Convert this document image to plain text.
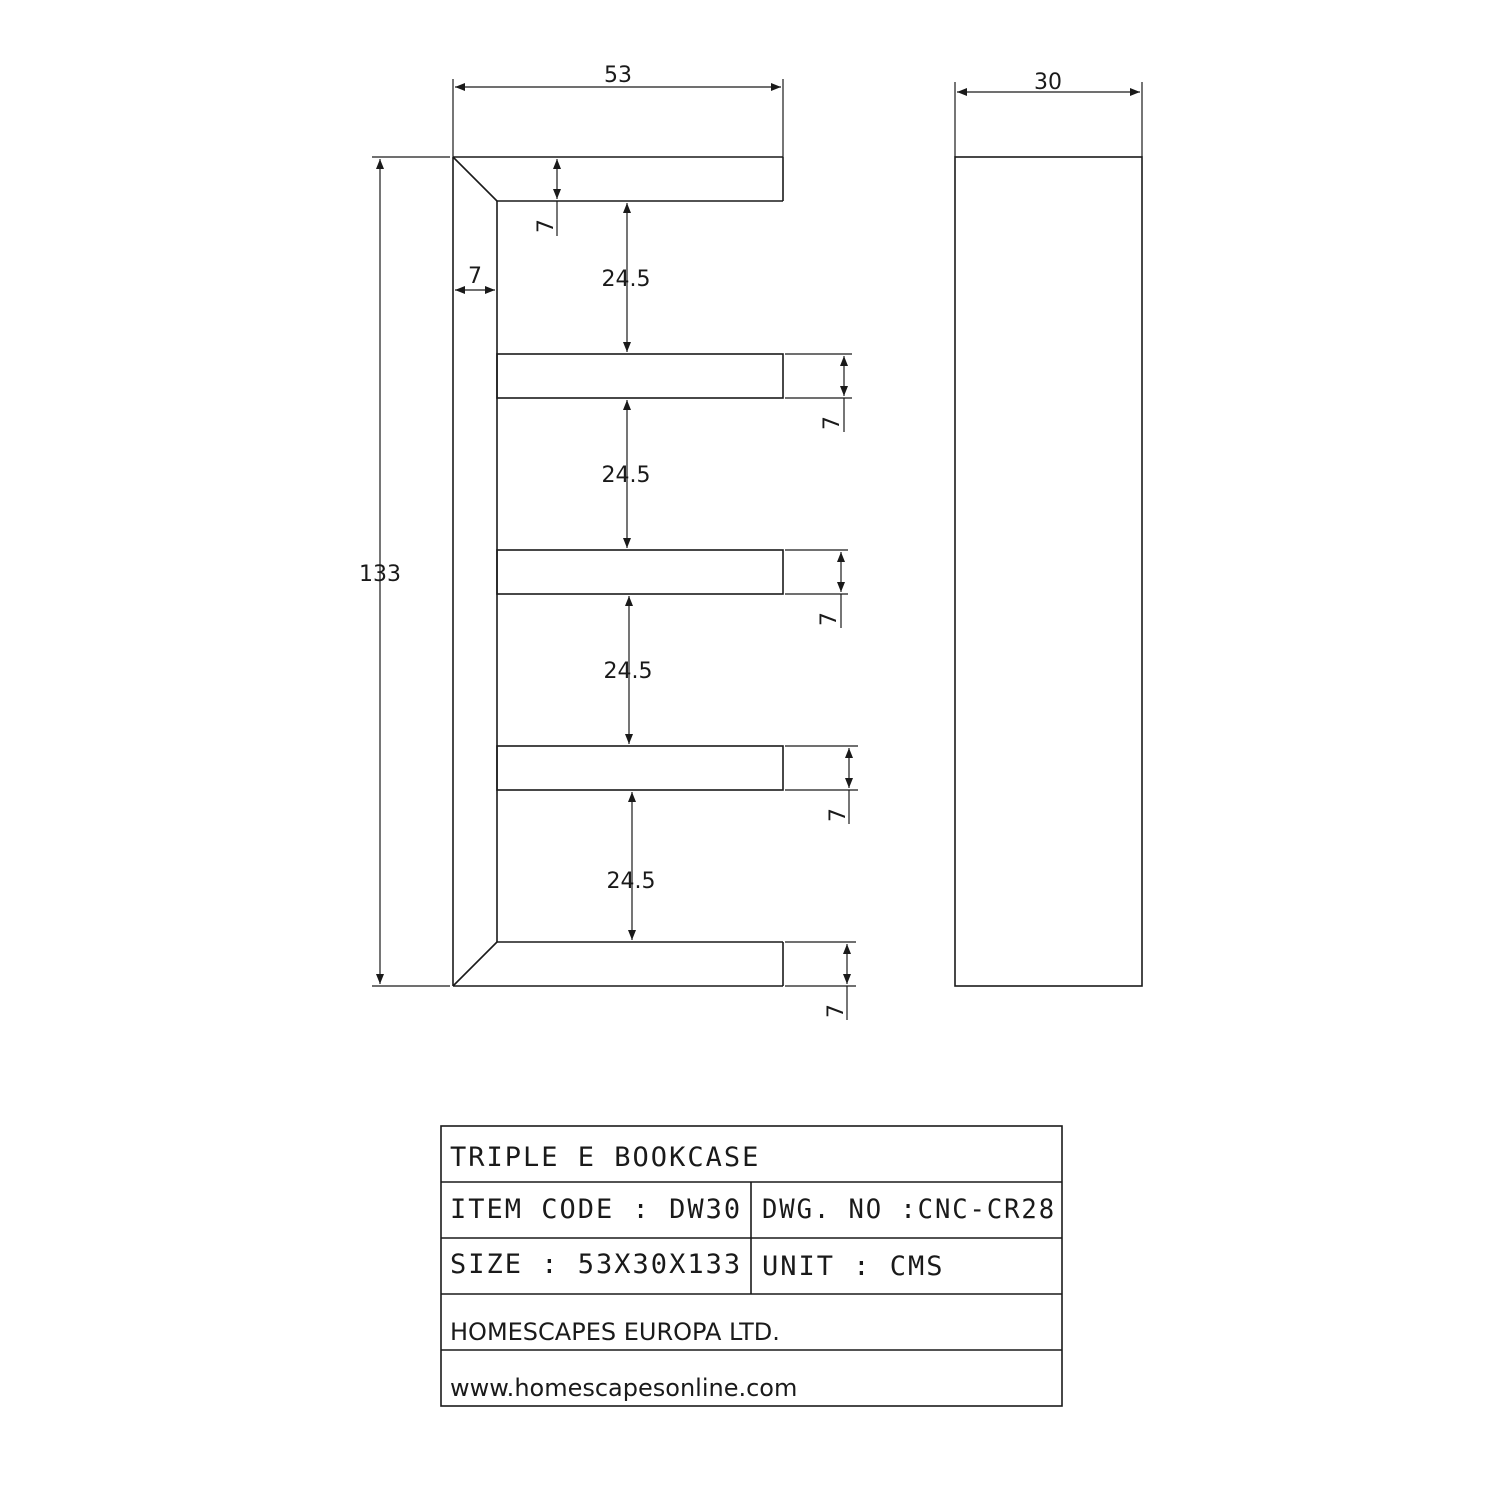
53	30
133
7	24.5
24.5
24.5
24.5
7
7
7
7
7
TRIPLE E BOOKCASE
ITEM CODE : DW30 DWG. NO :CNC-CR28
SIZE : 53X30X133 UNIT : CMS
HOMESCAPES EUROPA LTD.
www.homescapesonline.com
